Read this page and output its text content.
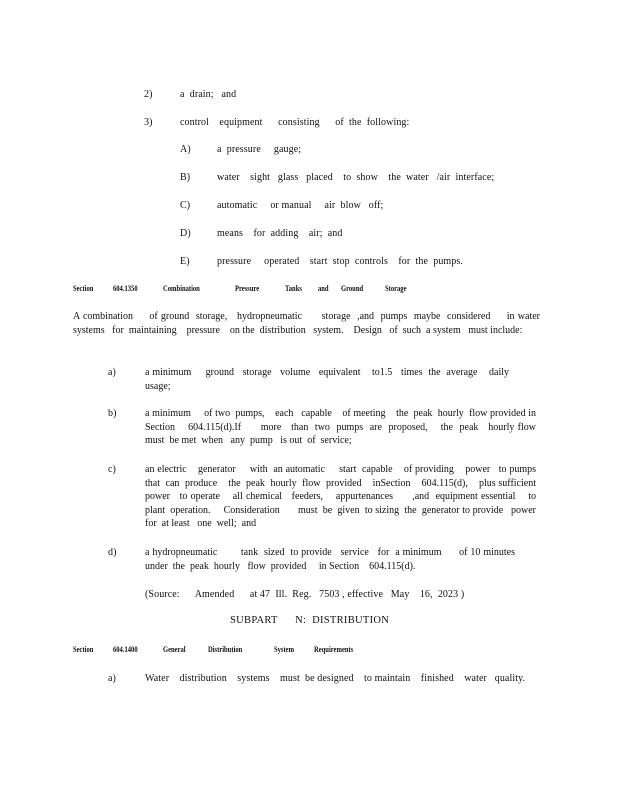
2)	a  drain;   and
3)	control    equipment      consisting      of  the  following:
A)	a  pressure     gauge;
B)	water    sight   glass   placed    to  show    the  water   /air  interface;
C)	automatic     or manual     air  blow   off;
D)	means    for  adding    air;  and
E)	pressure     operated    start  stop  controls    for  the  pumps.
Section 604.1350	Combination	Pressure	Tanks and Ground	Storage
A combination     of ground  storage,   hydropneumatic      storage  ,and  pumps  maybe  considered     in water  systems   for  maintaining    pressure    on the  distribution   system.    Design   of  such  a system   must include:
a)	a minimum     ground   storage   volume   equivalent    to1.5   times  the  average    daily usage;
b)	a minimum     of two  pumps,    each   capable    of meeting    the  peak  hourly  flow provided in Section    604.115(d).If      more   than  two  pumps  are  proposed,    the  peak   hourly flow  must  be met  when   any  pump   is out  of  service;
c)	an electric    generator     with  an automatic     start  capable    of providing    power   to pumps that  can  produce    the  peak  hourly  flow  provided    inSection    604.115(d),    plus sufficient    power   to operate    all chemical   feeders,    appurtenances      ,and  equipment essential    to plant  operation.     Consideration       must  be  given  to sizing  the  generator to provide   power   for  at least   one  well;  and
d)	a hydropneumatic        tank  sized  to provide   service   for  a minimum      of 10 minutes under  the  peak  hourly   flow  provided     in Section    604.115(d).
(Source:      Amended      at 47  Ill.  Reg.   7503 , effective   May    16,  2023 )
SUBPART      N:  DISTRIBUTION
Section 604.1400	General	Distribution	System Requirements
a)	Water    distribution    systems    must  be designed    to maintain    finished    water   quality.
